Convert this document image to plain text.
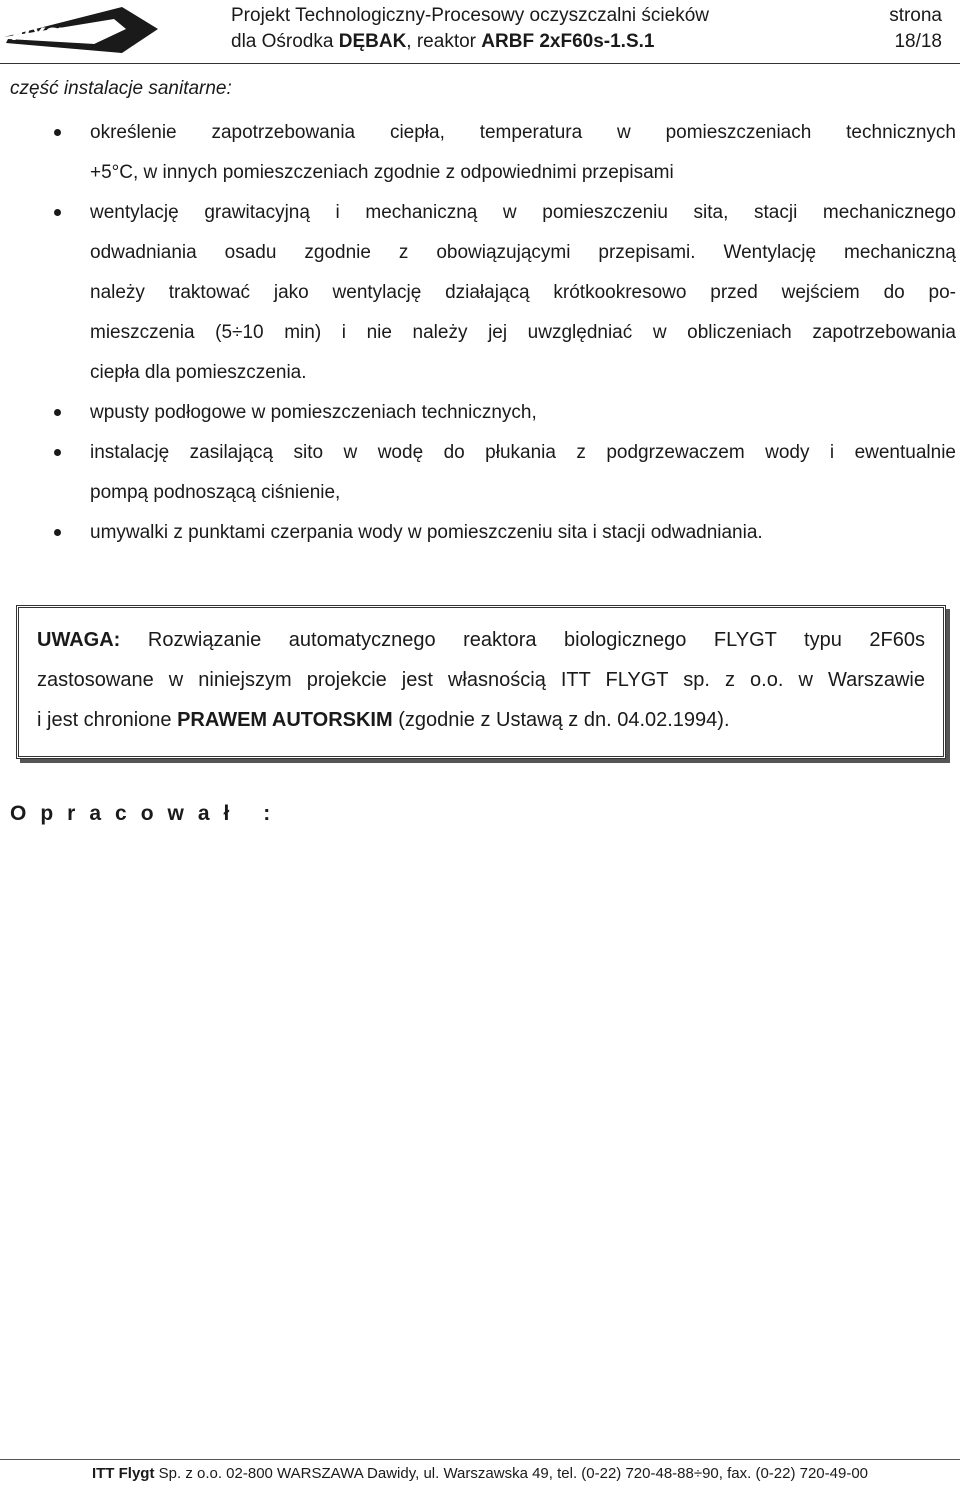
FLYGT
Projekt Technologiczny-Procesowy oczyszczalni ścieków
dla Ośrodka DĘBAK, reaktor ARBF 2xF60s-1.S.1
strona
18/18
część instalacje sanitarne:
określenie zapotrzebowania ciepła, temperatura w pomieszczeniach technicznych
+5°C, w innych pomieszczeniach zgodnie z odpowiednimi przepisami
wentylację grawitacyjną i mechaniczną w pomieszczeniu sita, stacji mechanicznego
odwadniania osadu zgodnie z obowiązującymi przepisami. Wentylację mechaniczną
należy traktować jako wentylację działającą krótkookresowo przed wejściem do po-
mieszczenia (5÷10 min) i nie należy jej uwzględniać w obliczeniach zapotrzebowania
ciepła dla pomieszczenia.
wpusty podłogowe w pomieszczeniach technicznych,
instalację zasilającą sito w wodę do płukania z podgrzewaczem wody i ewentualnie
pompą podnoszącą ciśnienie,
umywalki z punktami czerpania wody w pomieszczeniu sita i stacji odwadniania.
UWAGA: Rozwiązanie automatycznego reaktora biologicznego FLYGT typu 2F60s
zastosowane w niniejszym projekcie jest własnością ITT FLYGT sp. z o.o. w Warszawie
i jest chronione PRAWEM AUTORSKIM (zgodnie z Ustawą z dn. 04.02.1994).
Opracował :
ITT Flygt Sp. z o.o. 02-800 WARSZAWA Dawidy, ul. Warszawska 49, tel. (0-22) 720-48-88÷90, fax. (0-22) 720-49-00
